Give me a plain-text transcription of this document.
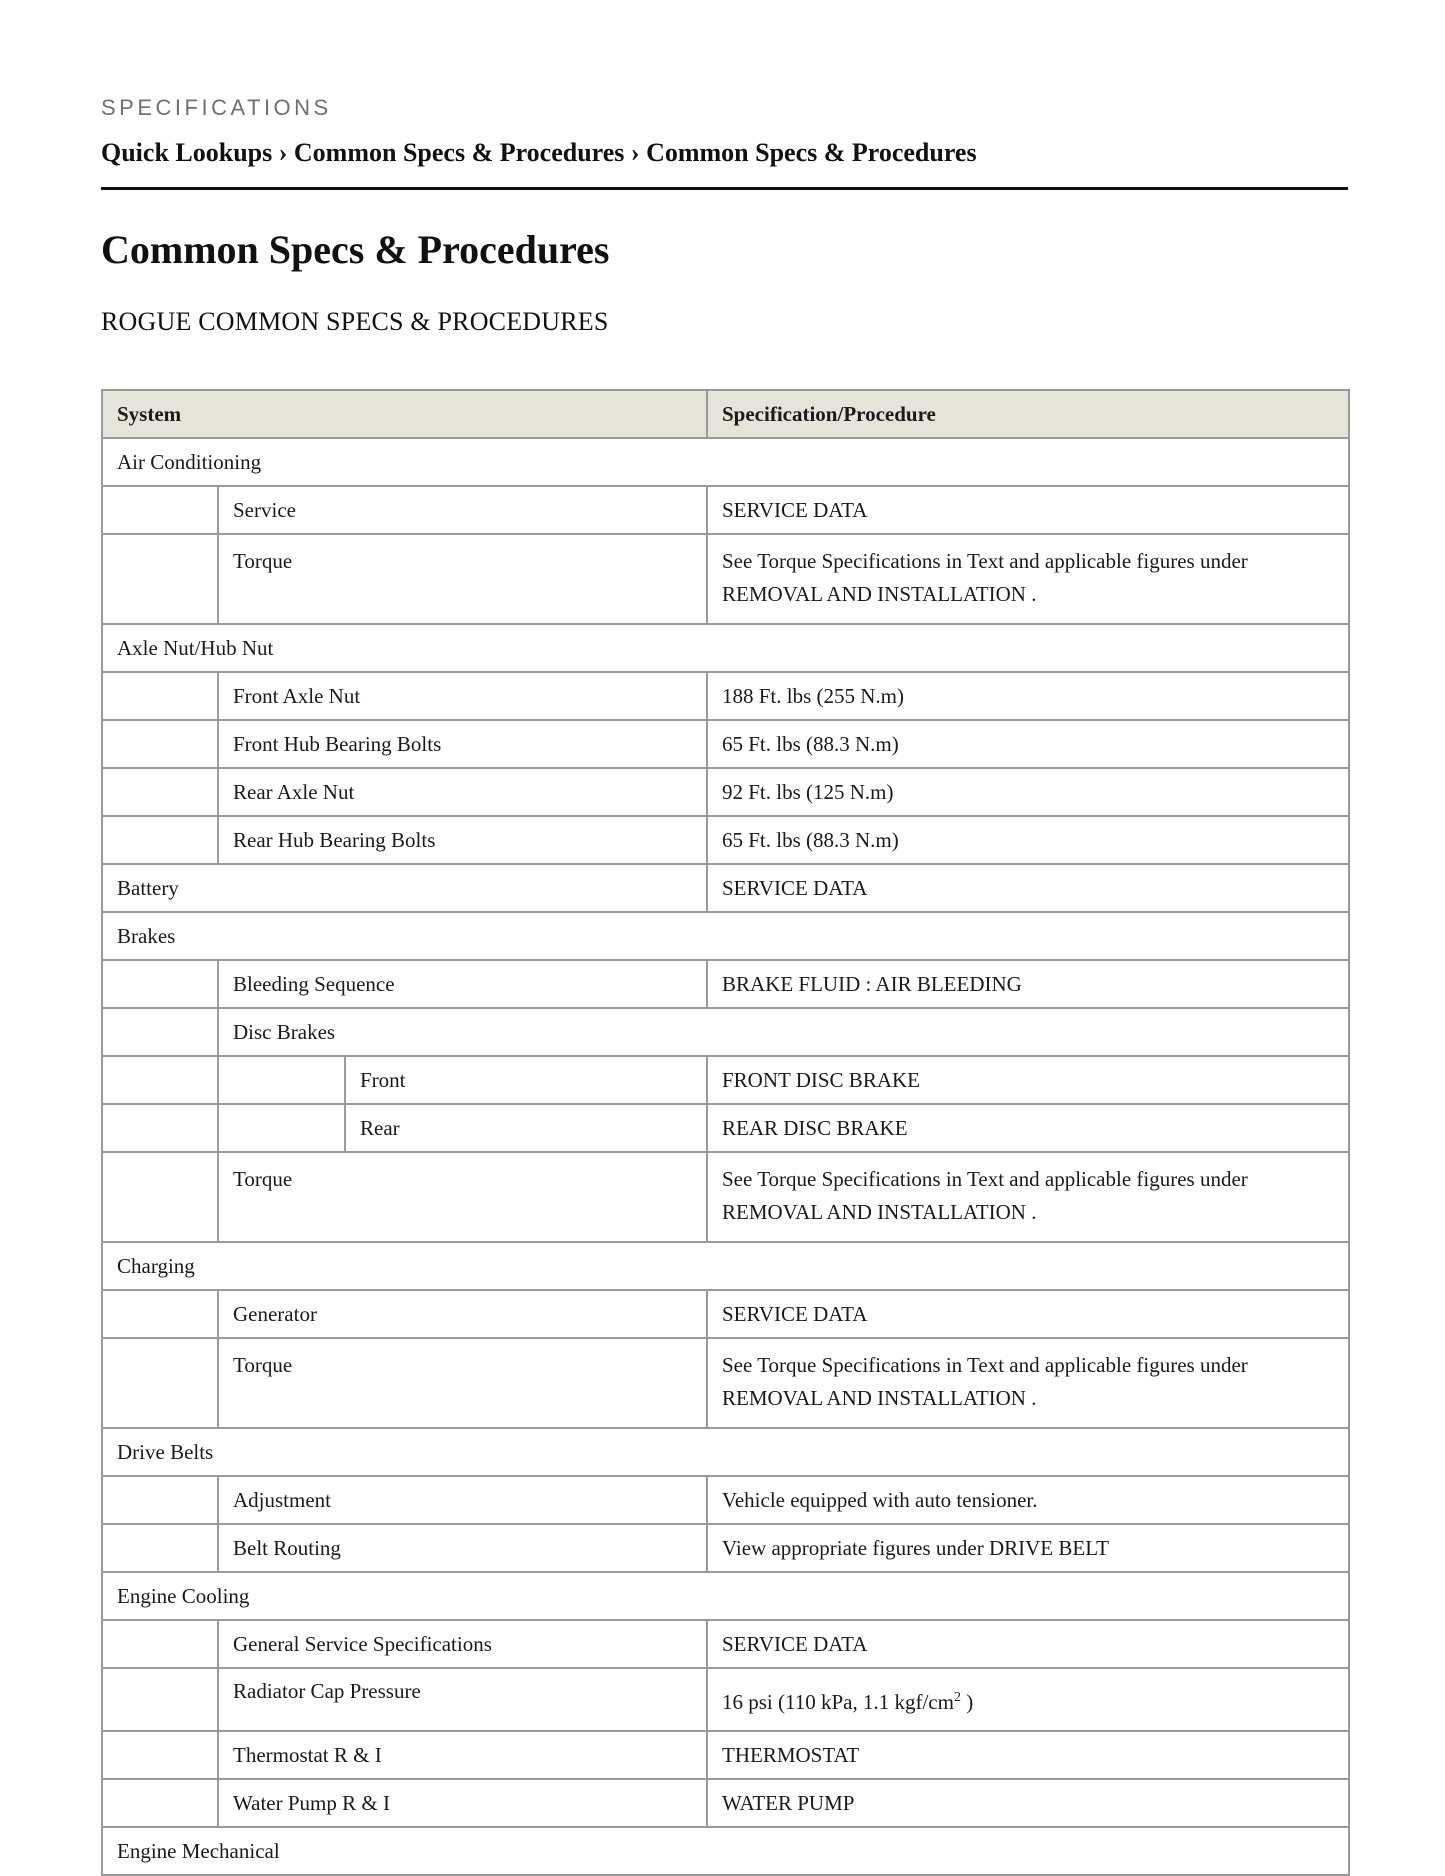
SPECIFICATIONS
Quick Lookups › Common Specs & Procedures › Common Specs & Procedures
Common Specs & Procedures
ROGUE COMMON SPECS & PROCEDURES
System			Specification/Procedure
Air Conditioning			
	Service		SERVICE DATA
	Torque		See Torque Specifications in Text and applicable figures under REMOVAL AND INSTALLATION .
Axle Nut/Hub Nut			
	Front Axle Nut		188 Ft. lbs (255 N.m)
	Front Hub Bearing Bolts		65 Ft. lbs (88.3 N.m)
	Rear Axle Nut		92 Ft. lbs (125 N.m)
	Rear Hub Bearing Bolts		65 Ft. lbs (88.3 N.m)
Battery			SERVICE DATA
Brakes			
	Bleeding Sequence		BRAKE FLUID : AIR BLEEDING
	Disc Brakes		
		Front	FRONT DISC BRAKE
		Rear	REAR DISC BRAKE
	Torque		See Torque Specifications in Text and applicable figures under REMOVAL AND INSTALLATION .
Charging			
	Generator		SERVICE DATA
	Torque		See Torque Specifications in Text and applicable figures under REMOVAL AND INSTALLATION .
Drive Belts			
	Adjustment		Vehicle equipped with auto tensioner.
	Belt Routing		View appropriate figures under DRIVE BELT
Engine Cooling			
	General Service Specifications		SERVICE DATA
	Radiator Cap Pressure		16 psi (110 kPa, 1.1 kgf/$cm^2$ )
	Thermostat R & I		THERMOSTAT
	Water Pump R & I		WATER PUMP
Engine Mechanical			
